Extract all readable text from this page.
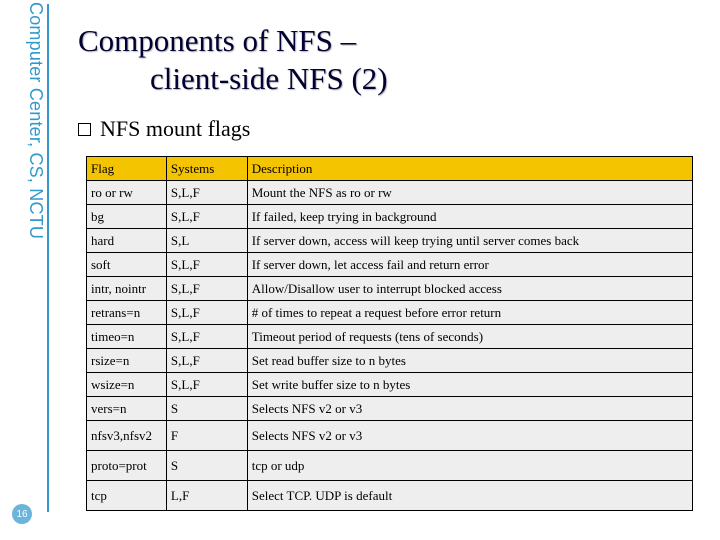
Computer Center, CS, NCTU
16
Components of NFS –
client-side NFS (2)
NFS mount flags
Flag	Systems	Description
ro or rw	S,L,F	Mount the NFS as ro or rw
bg	S,L,F	If failed, keep trying in background
hard	S,L	If server down, access will keep trying until server comes back
soft	S,L,F	If server down, let access fail and return error
intr, nointr	S,L,F	Allow/Disallow user to interrupt blocked access
retrans=n	S,L,F	# of times to repeat a request before error return
timeo=n	S,L,F	Timeout period of requests (tens of seconds)
rsize=n	S,L,F	Set read buffer size to n bytes
wsize=n	S,L,F	Set write buffer size to n bytes
vers=n	S	Selects NFS v2 or v3
nfsv3,nfsv2	F	Selects NFS v2 or v3
proto=prot	S	tcp or udp
tcp	L,F	Select TCP. UDP is default
